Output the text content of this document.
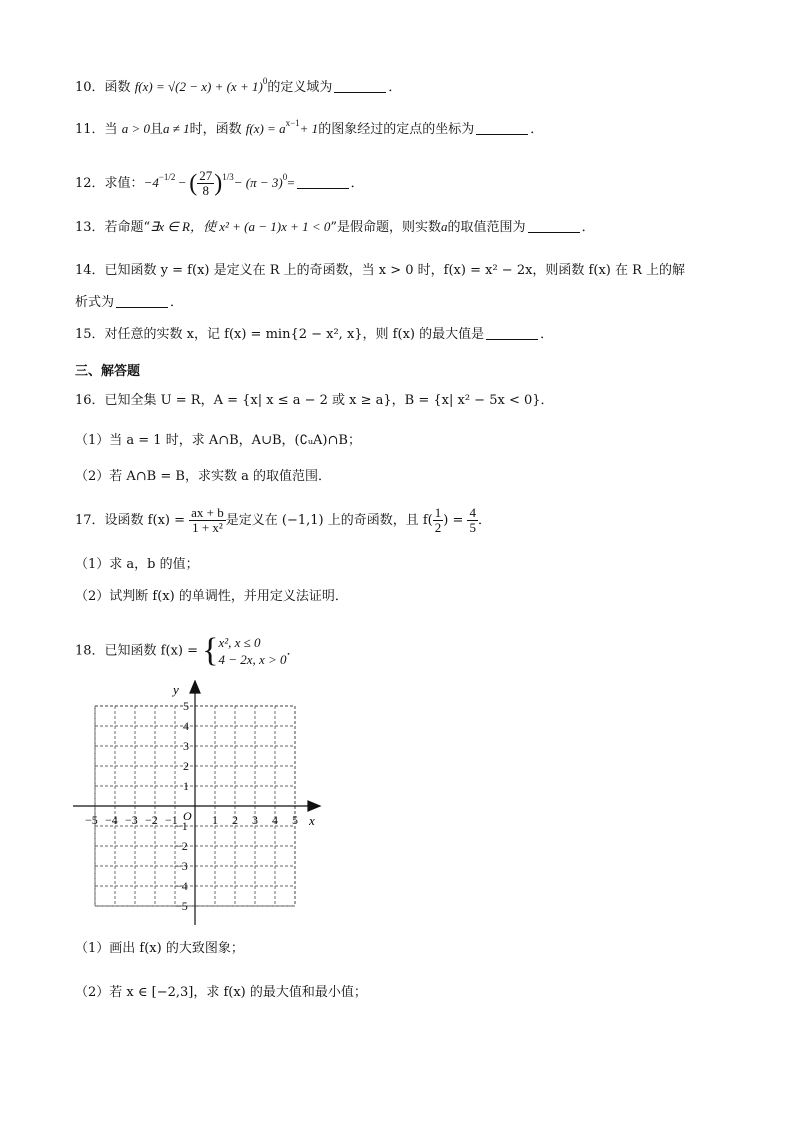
10．函数 $f(x) = √(2 - x) + (x + 1)^0$的定义域为	．
11．当 a > 0且a ≠ 1时，函数 $f(x) = a^{x-1}+ 1$的图象经过的定点的坐标为	．
12．求值：$-4^{-1/2}$ − ( $\frac{27}{8} )^{1/3}- (\pi - 3)^0=$	．
13．若命题“∃x ∈ R，使 x² + (a − 1)x + 1 < 0”是假命题，则实数a的取值范围为	．
14．已知函数 y = f(x) 是定义在 R 上的奇函数，当 x > 0 时，f(x) = x² − 2x，则函数 f(x) 在 R 上的解
析式为	．
15．对任意的实数 x，记 f(x) = min{2 − x², x}，则 f(x) 的最大值是	．
三、解答题
16．已知全集 U = R，A = {x| x ≤ a − 2 或 x ≥ a}，B = {x| x² − 5x < 0}．
（1）当 a = 1 时，求 A∩B，A∪B，(∁ᵤA)∩B；
（2）若 A∩B = B，求实数 a 的取值范围．
17．设函数 $f(x) = \frac{ax + b}{\text{1 + x²}}$ 是定义在 (−1,1) 上的奇函数，且 $f( \frac{1}{2}$ ) = $\frac{4}{5}$ ．
（1）求 a，b 的值；
（2）试判断 f(x) 的单调性，并用定义法证明．
18．已知函数 f(x) = { x², x ≤ 0
4 − 2x, x > 0
．
x
y
O
−5 −4 −3 −2 −1	1 2 3 4 5
5
4
3
2
1
−1
−2
−3
−4
−5
（1）画出 f(x) 的大致图象；
（2）若 x ∈ [−2,3]，求 f(x) 的最大值和最小值；
